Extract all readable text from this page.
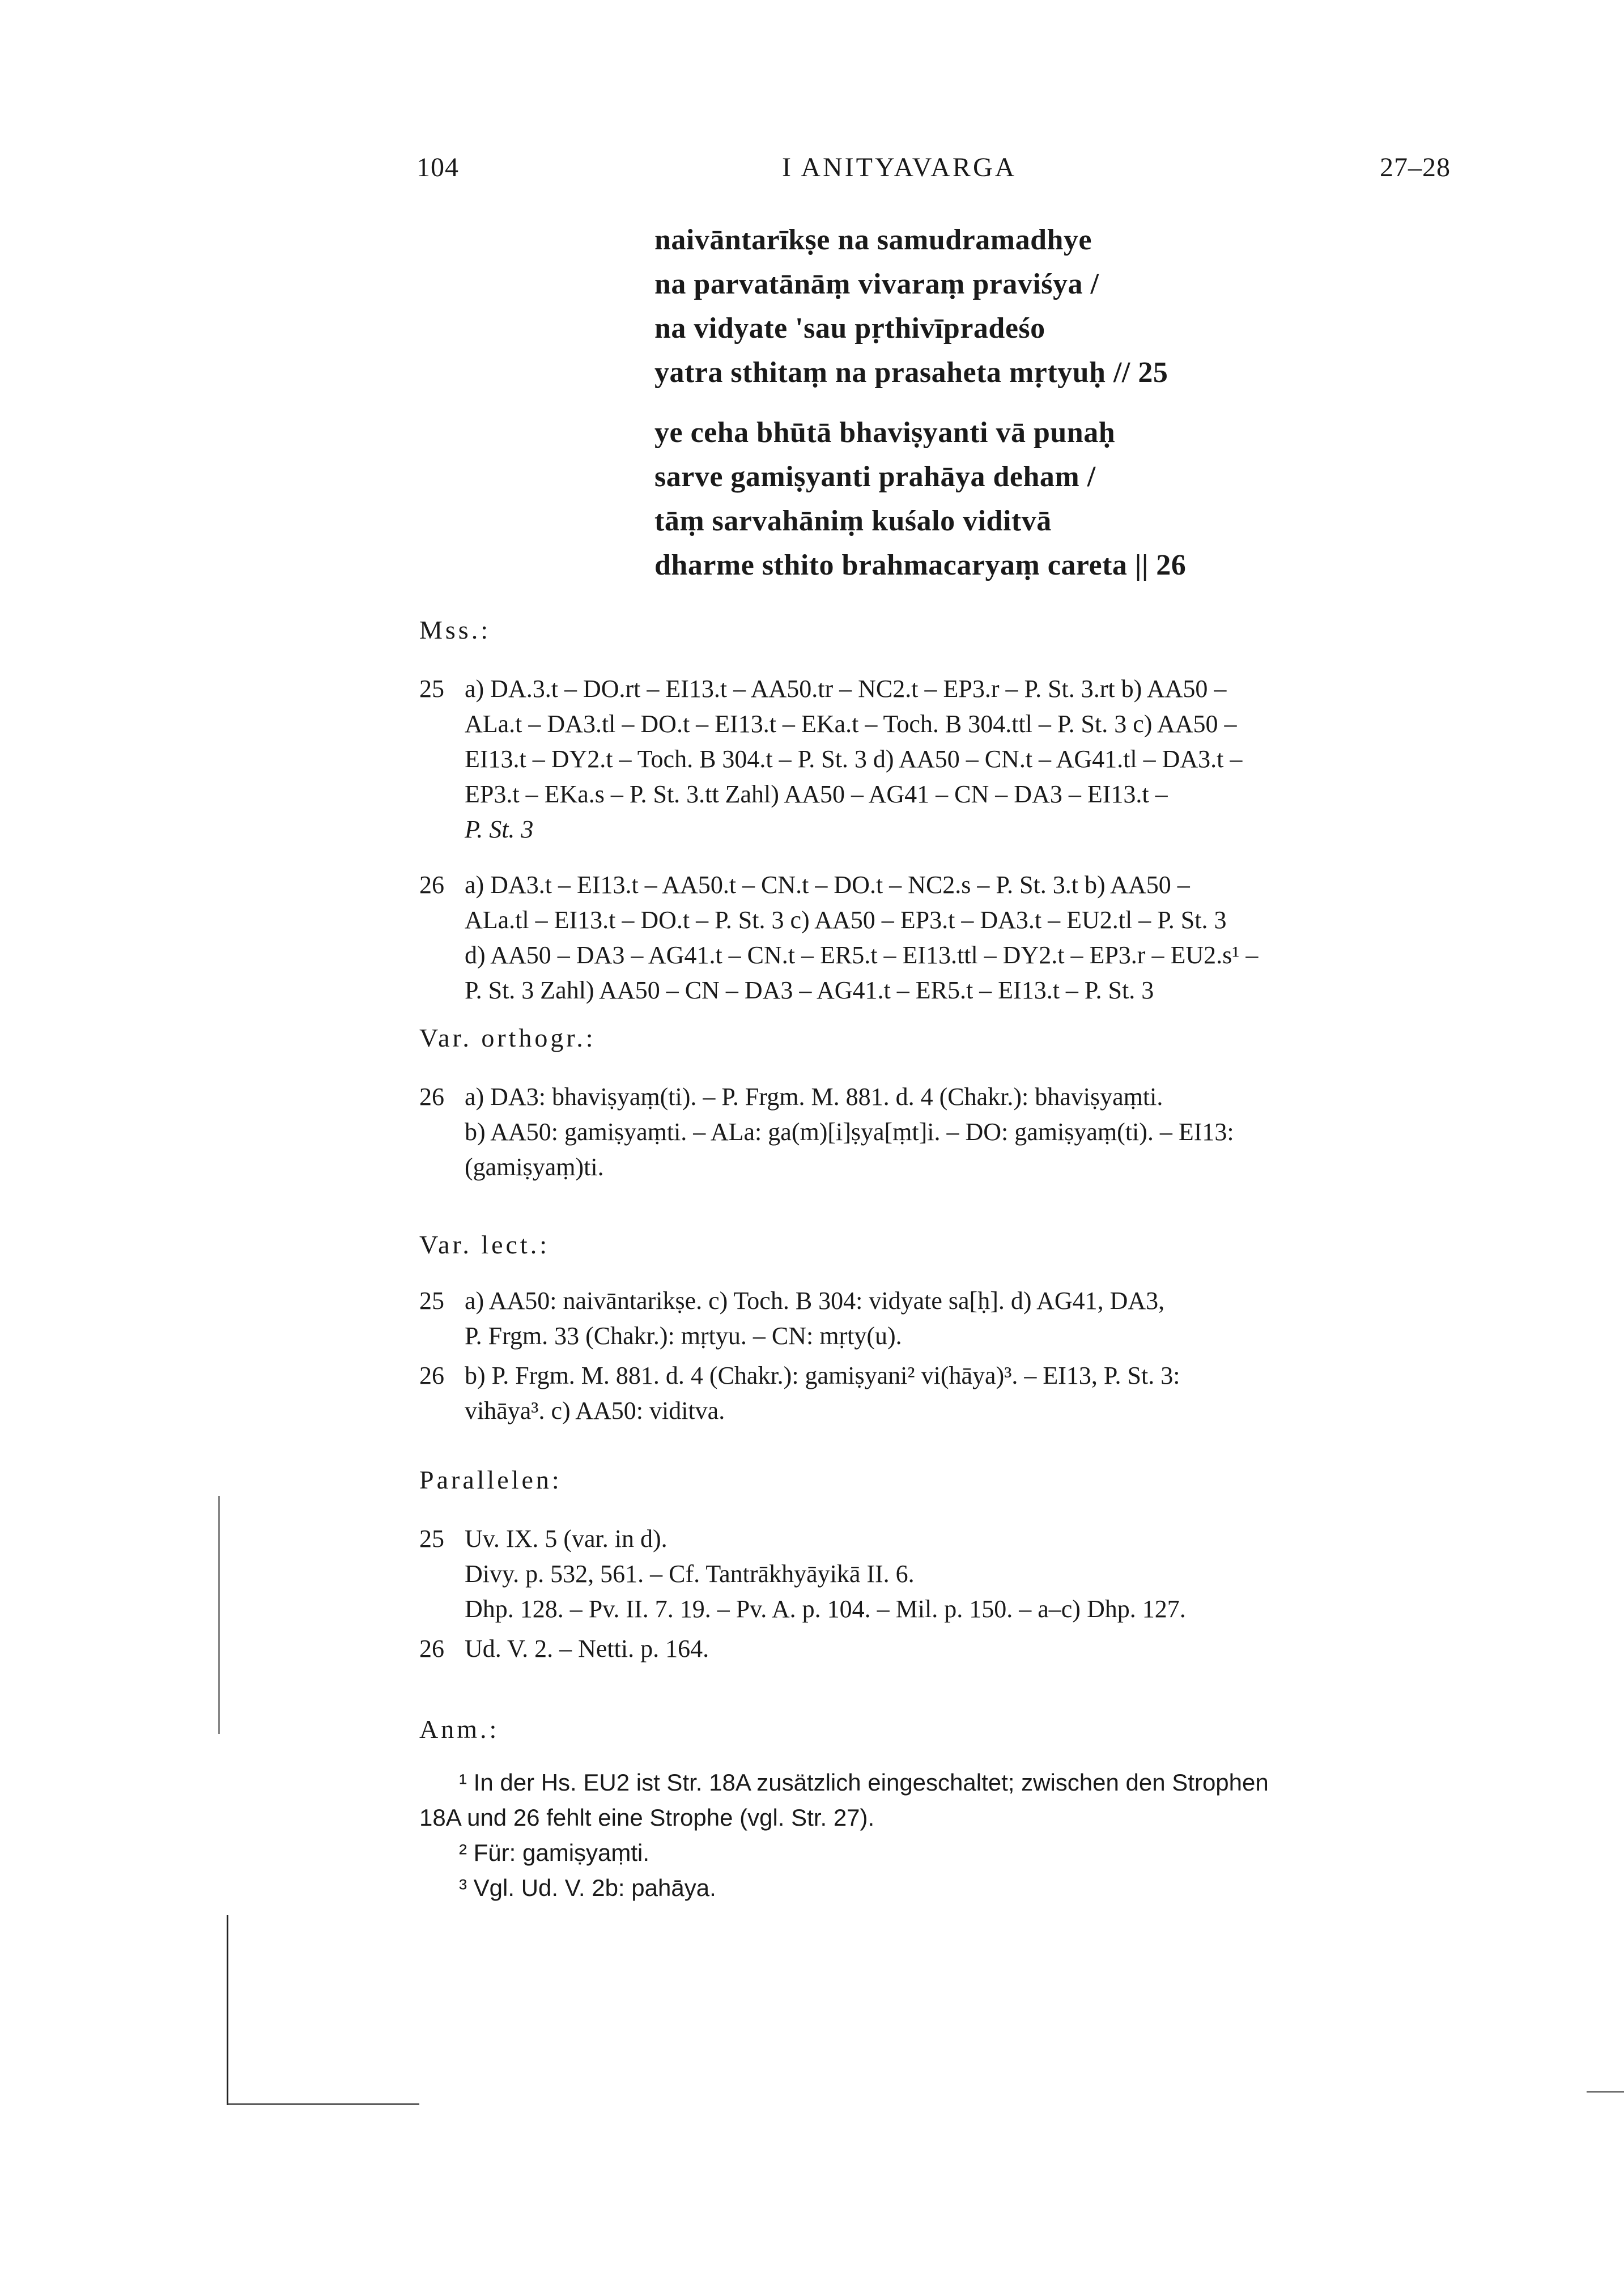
104	I ANITYAVARGA	27–28
naivāntarīkṣe na samudramadhye
na parvatānāṃ vivaraṃ praviśya /
na vidyate 'sau pṛthivīpradeśo
yatra sthitaṃ na prasaheta mṛtyuḥ // 25
ye ceha bhūtā bhaviṣyanti vā punaḥ
sarve gamiṣyanti prahāya deham /
tāṃ sarvahāniṃ kuśalo viditvā
dharme sthito brahmacaryaṃ careta || 26
Mss.:
25 a) DA.3.t – DO.rt – EI13.t – AA50.tr – NC2.t – EP3.r – P. St. 3.rt b) AA50 –
ALa.t – DA3.tl – DO.t – EI13.t – EKa.t – Toch. B 304.ttl – P. St. 3 c) AA50 –
EI13.t – DY2.t – Toch. B 304.t – P. St. 3 d) AA50 – CN.t – AG41.tl – DA3.t –
EP3.t – EKa.s – P. St. 3.tt Zahl) AA50 – AG41 – CN – DA3 – EI13.t –
P. St. 3
26 a) DA3.t – EI13.t – AA50.t – CN.t – DO.t – NC2.s – P. St. 3.t b) AA50 –
ALa.tl – EI13.t – DO.t – P. St. 3 c) AA50 – EP3.t – DA3.t – EU2.tl – P. St. 3
d) AA50 – DA3 – AG41.t – CN.t – ER5.t – EI13.ttl – DY2.t – EP3.r – EU2.s¹ –
P. St. 3 Zahl) AA50 – CN – DA3 – AG41.t – ER5.t – EI13.t – P. St. 3
Var. orthogr.:
26 a) DA3: bhaviṣyaṃ(ti). – P. Frgm. M. 881. d. 4 (Chakr.): bhaviṣyaṃti.
b) AA50: gamiṣyaṃti. – ALa: ga(m)[i]ṣya[ṃt]i. – DO: gamiṣyaṃ(ti). – EI13:
(gamiṣyaṃ)ti.
Var. lect.:
25 a) AA50: naivāntarikṣe. c) Toch. B 304: vidyate sa[ḥ]. d) AG41, DA3,
P. Frgm. 33 (Chakr.): mṛtyu. – CN: mṛty(u).
26 b) P. Frgm. M. 881. d. 4 (Chakr.): gamiṣyani² vi(hāya)³. – EI13, P. St. 3:
vihāya³. c) AA50: viditva.
Parallelen:
25 Uv. IX. 5 (var. in d).
Divy. p. 532, 561. – Cf. Tantrākhyāyikā II. 6.
Dhp. 128. – Pv. II. 7. 19. – Pv. A. p. 104. – Mil. p. 150. – a–c) Dhp. 127.
26 Ud. V. 2. – Netti. p. 164.
Anm.:
¹ In der Hs. EU2 ist Str. 18A zusätzlich eingeschaltet; zwischen den Strophen
18A und 26 fehlt eine Strophe (vgl. Str. 27).
² Für: gamiṣyaṃti.
³ Vgl. Ud. V. 2b: pahāya.
